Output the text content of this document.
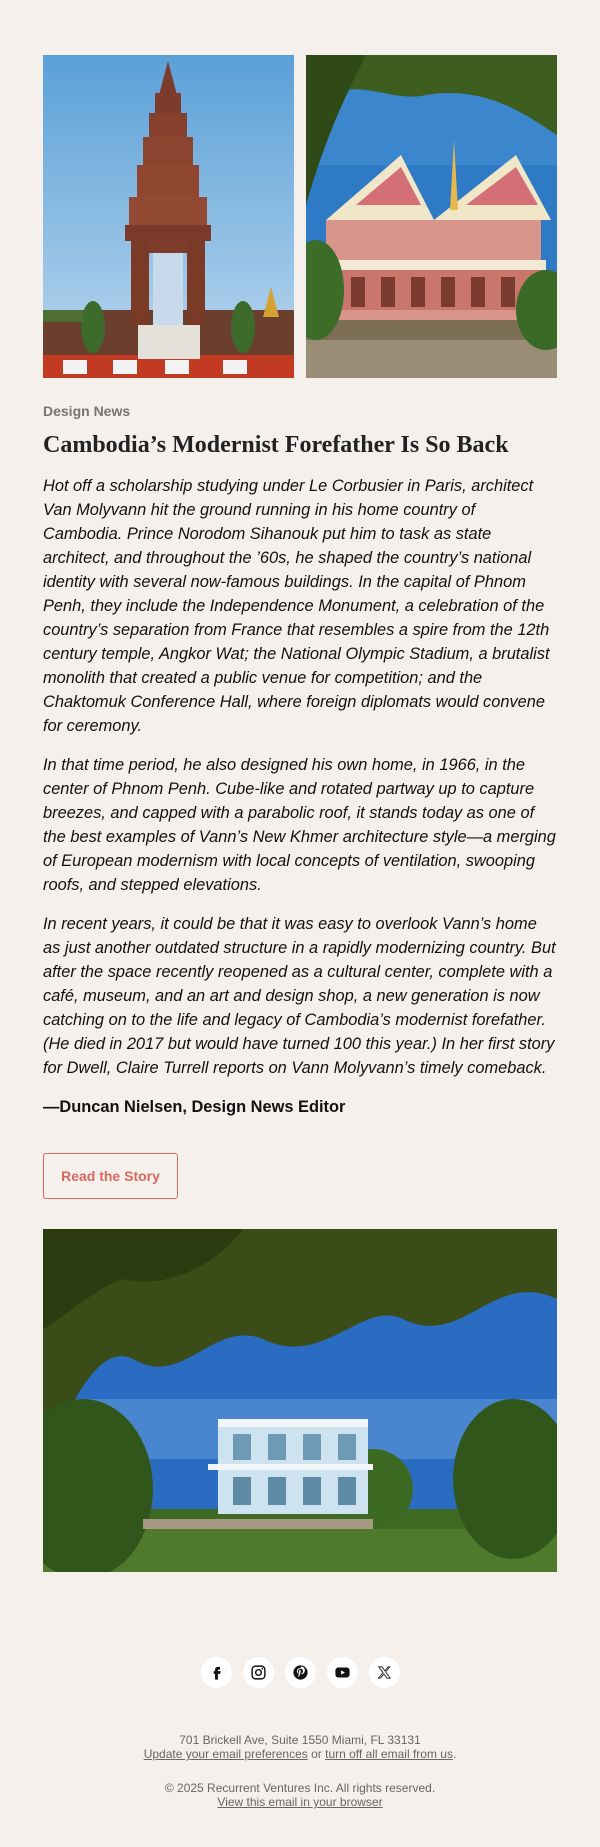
Design News
Cambodia’s Modernist Forefather Is So Back

Hot off a scholarship studying under Le Corbusier in Paris, architect Van Molyvann hit the ground running in his home country of Cambodia. Prince Norodom Sihanouk put him to task as state architect, and throughout the ’60s, he shaped the country’s national identity with several now-famous buildings. In the capital of Phnom Penh, they include the Independence Monument, a celebration of the country’s separation from France that resembles a spire from the 12th century temple, Angkor Wat; the National Olympic Stadium, a brutalist monolith that created a public venue for competition; and the Chaktomuk Conference Hall, where foreign diplomats would convene for ceremony.

In that time period, he also designed his own home, in 1966, in the center of Phnom Penh. Cube-like and rotated partway up to capture breezes, and capped with a parabolic roof, it stands today as one of the best examples of Vann’s New Khmer architecture style—a merging of European modernism with local concepts of ventilation, swooping roofs, and stepped elevations.

In recent years, it could be that it was easy to overlook Vann’s home as just another outdated structure in a rapidly modernizing country. But after the space recently reopened as a cultural center, complete with a café, museum, and an art and design shop, a new generation is now catching on to the life and legacy of Cambodia’s modernist forefather. (He died in 2017 but would have turned 100 this year.) In her first story for Dwell, Claire Turrell reports on Vann Molyvann’s timely comeback.

—Duncan Nielsen, Design News Editor

Read the Story
701 Brickell Ave, Suite 1550 Miami, FL 33131
Update your email preferences or turn off all email from us.
© 2025 Recurrent Ventures Inc. All rights reserved.
View this email in your browser
